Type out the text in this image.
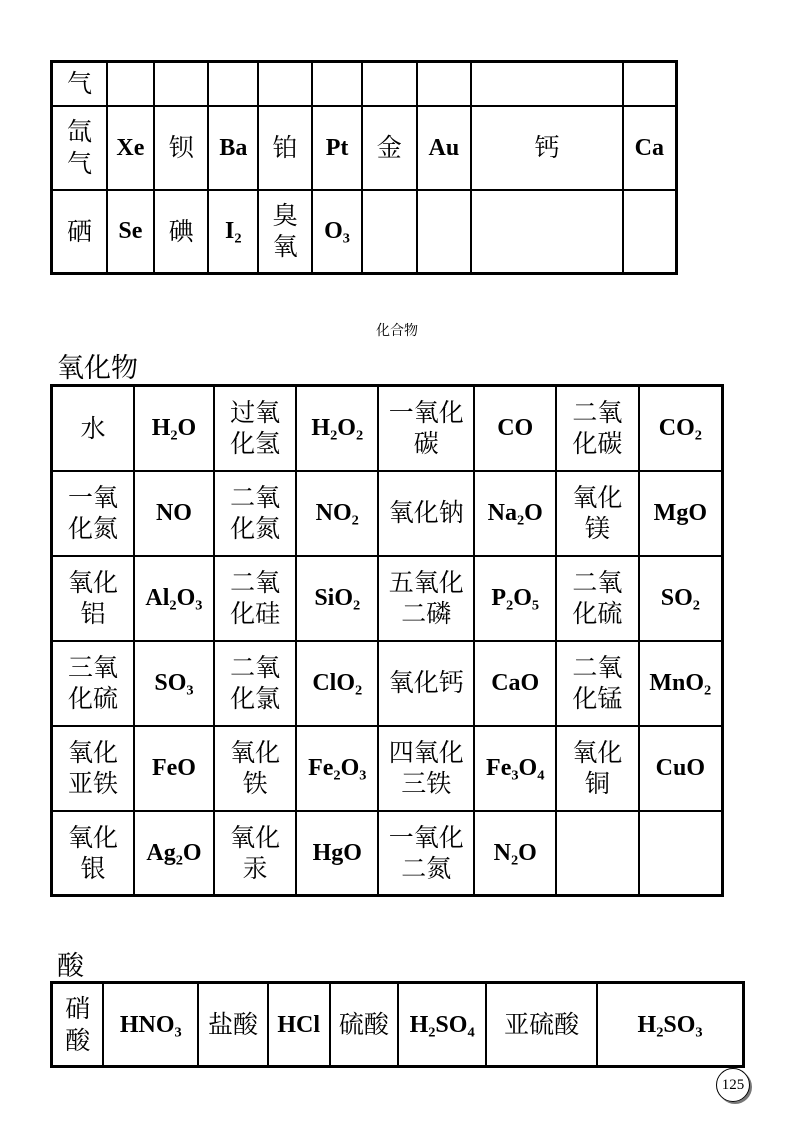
气									
氙气	Xe	钡	Ba	铂	Pt	金	Au	钙	Ca
硒	Se	碘	I₂	臭氧	O₃				
化合物
氧化物
水	H₂O	过氧化氢	H₂O₂	一氧化碳	CO	二氧化碳	CO₂
一氧化氮	NO	二氧化氮	NO₂	氧化钠	Na₂O	氧化镁	MgO
氧化铝	Al₂O₃	二氧化硅	SiO₂	五氧化二磷	P₂O₅	二氧化硫	SO₂
三氧化硫	SO₃	二氧化氯	ClO₂	氧化钙	CaO	二氧化锰	MnO₂
氧化亚铁	FeO	氧化铁	Fe₂O₃	四氧化三铁	Fe₃O₄	氧化铜	CuO
氧化银	Ag₂O	氧化汞	HgO	一氧化二氮	N₂O		
酸
硝酸	HNO₃	盐酸	HCl	硫酸	H₂SO₄	亚硫酸	H₂SO₃
125
